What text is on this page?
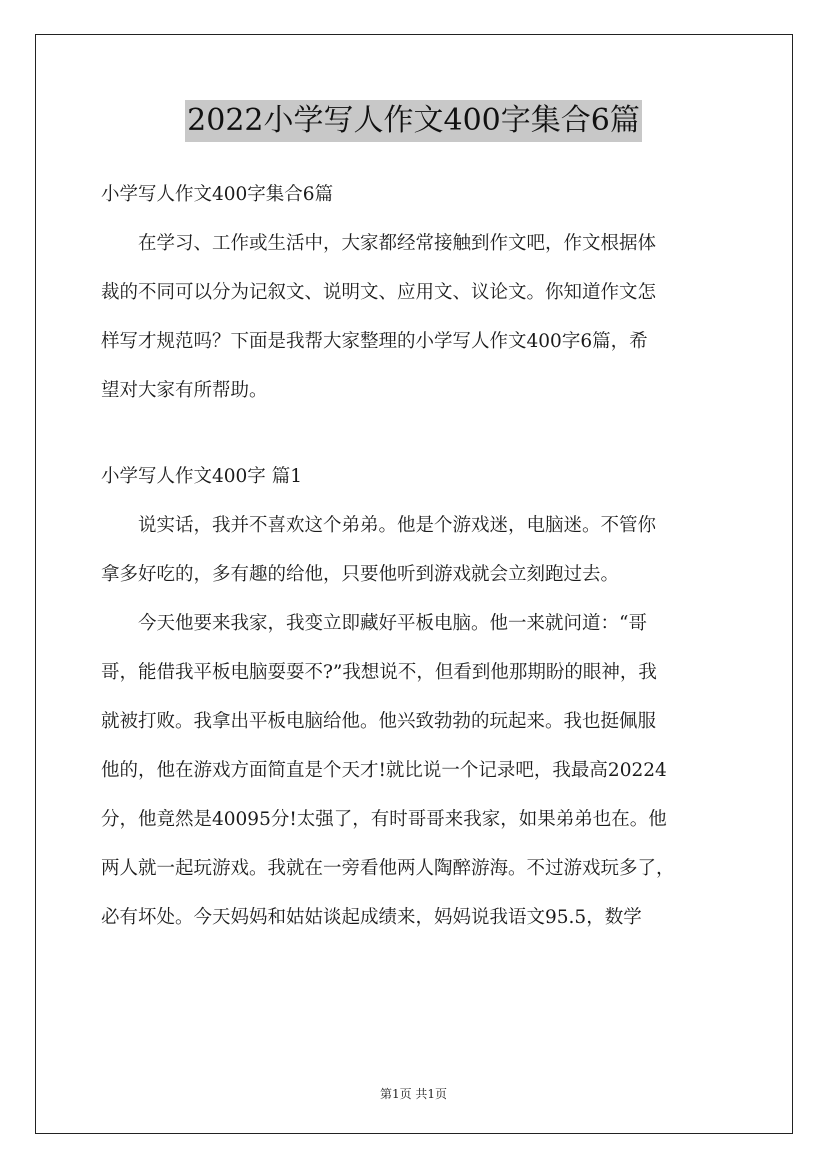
2022小学写人作文400字集合6篇

小学写人作文400字集合6篇

在学习、工作或生活中，大家都经常接触到作文吧，作文根据体

裁的不同可以分为记叙文、说明文、应用文、议论文。你知道作文怎

样写才规范吗？下面是我帮大家整理的小学写人作文400字6篇，希

望对大家有所帮助。

小学写人作文400字 篇1

说实话，我并不喜欢这个弟弟。他是个游戏迷，电脑迷。不管你

拿多好吃的，多有趣的给他，只要他听到游戏就会立刻跑过去。

今天他要来我家，我变立即藏好平板电脑。他一来就问道：“哥

哥，能借我平板电脑耍耍不?”我想说不，但看到他那期盼的眼神，我

就被打败。我拿出平板电脑给他。他兴致勃勃的玩起来。我也挺佩服

他的，他在游戏方面简直是个天才!就比说一个记录吧，我最高20224

分，他竟然是40095分!太强了，有时哥哥来我家，如果弟弟也在。他

两人就一起玩游戏。我就在一旁看他两人陶醉游海。不过游戏玩多了，

必有坏处。今天妈妈和姑姑谈起成绩来，妈妈说我语文95.5，数学

第1页 共1页
